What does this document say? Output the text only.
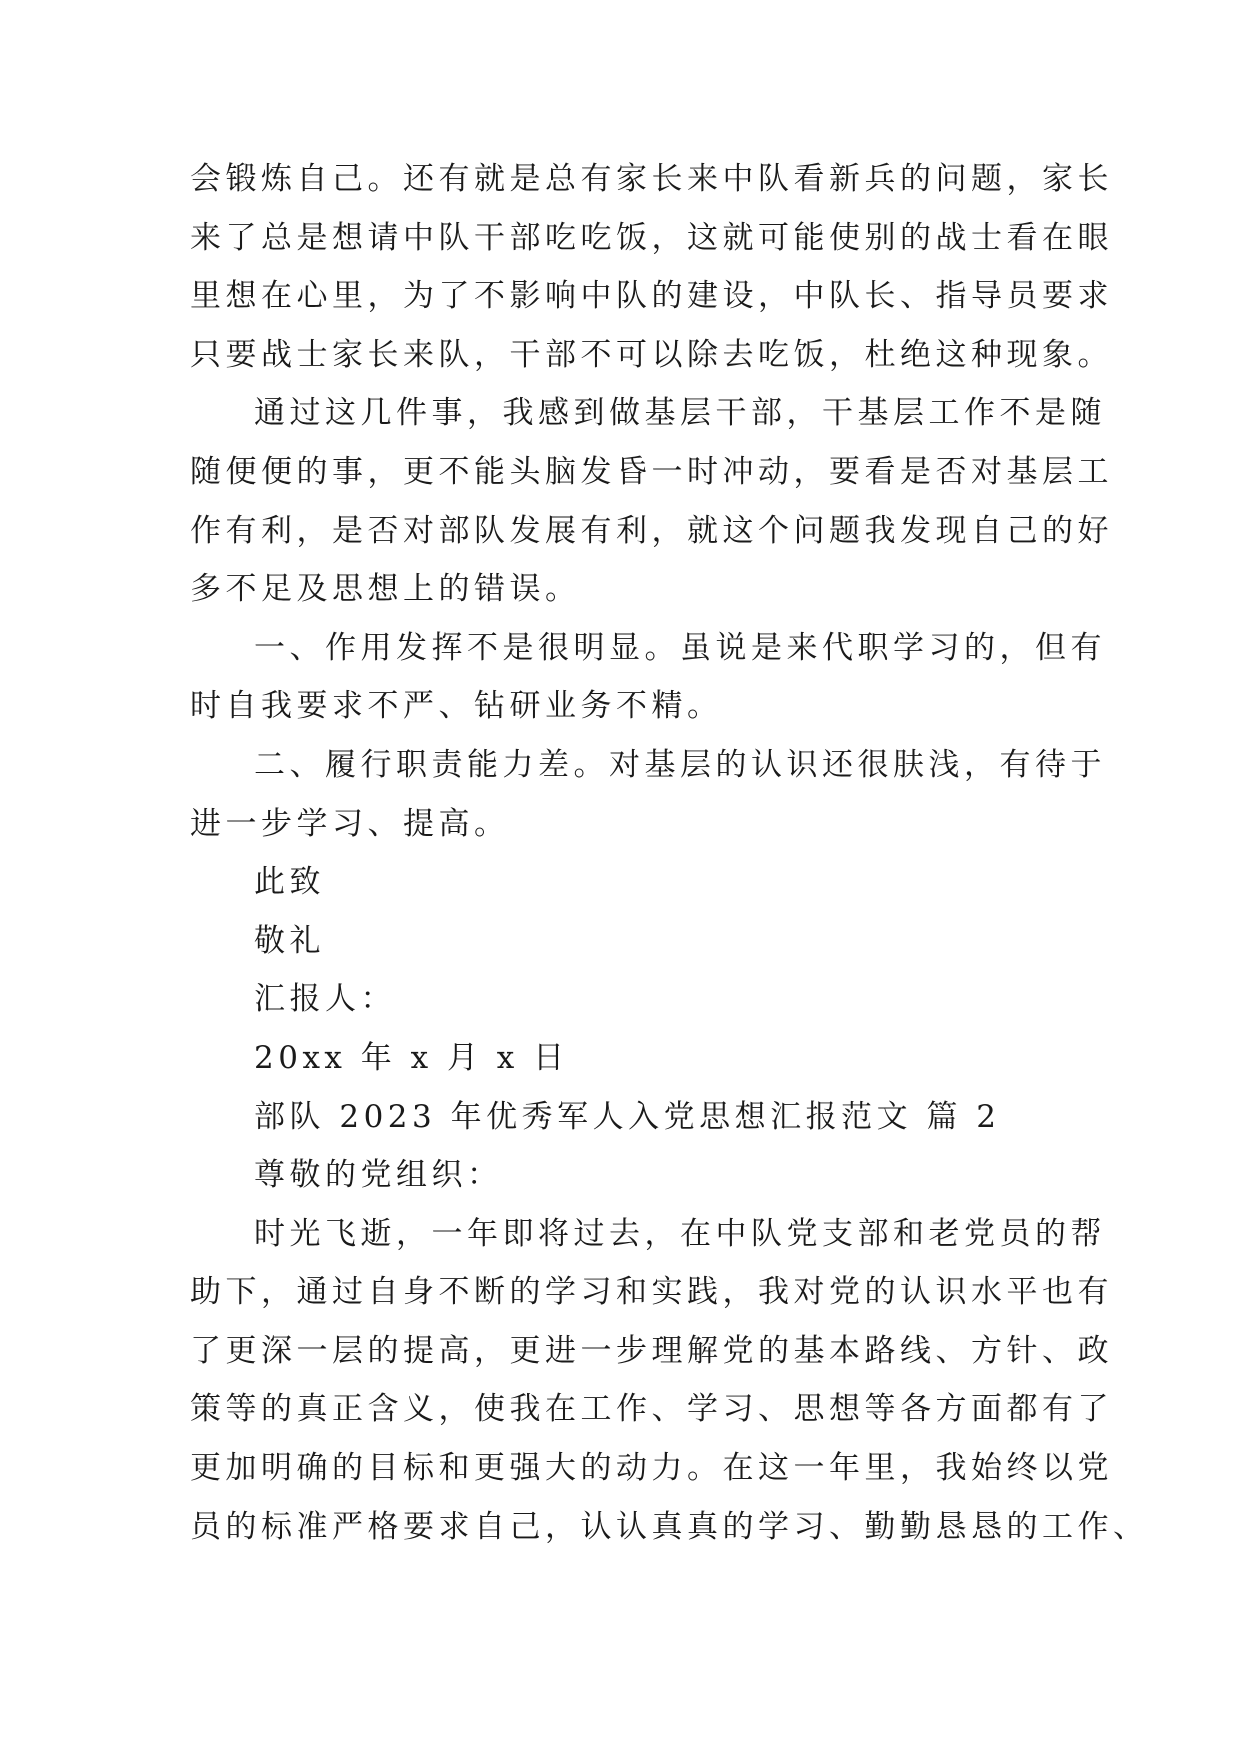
会锻炼自己。还有就是总有家长来中队看新兵的问题，家长
来了总是想请中队干部吃吃饭，这就可能使别的战士看在眼
里想在心里，为了不影响中队的建设，中队长、指导员要求
只要战士家长来队，干部不可以除去吃饭，杜绝这种现象。

通过这几件事，我感到做基层干部，干基层工作不是随
随便便的事，更不能头脑发昏一时冲动，要看是否对基层工
作有利，是否对部队发展有利，就这个问题我发现自己的好
多不足及思想上的错误。

一、作用发挥不是很明显。虽说是来代职学习的，但有
时自我要求不严、钻研业务不精。

二、履行职责能力差。对基层的认识还很肤浅，有待于
进一步学习、提高。

此致

敬礼

汇报人：

20xx 年 x 月 x 日

部队 2023 年优秀军人入党思想汇报范文 篇 2

尊敬的党组织：

时光飞逝，一年即将过去，在中队党支部和老党员的帮
助下，通过自身不断的学习和实践，我对党的认识水平也有
了更深一层的提高，更进一步理解党的基本路线、方针、政
策等的真正含义，使我在工作、学习、思想等各方面都有了
更加明确的目标和更强大的动力。在这一年里，我始终以党
员的标准严格要求自己，认认真真的学习、勤勤恳恳的工作、
